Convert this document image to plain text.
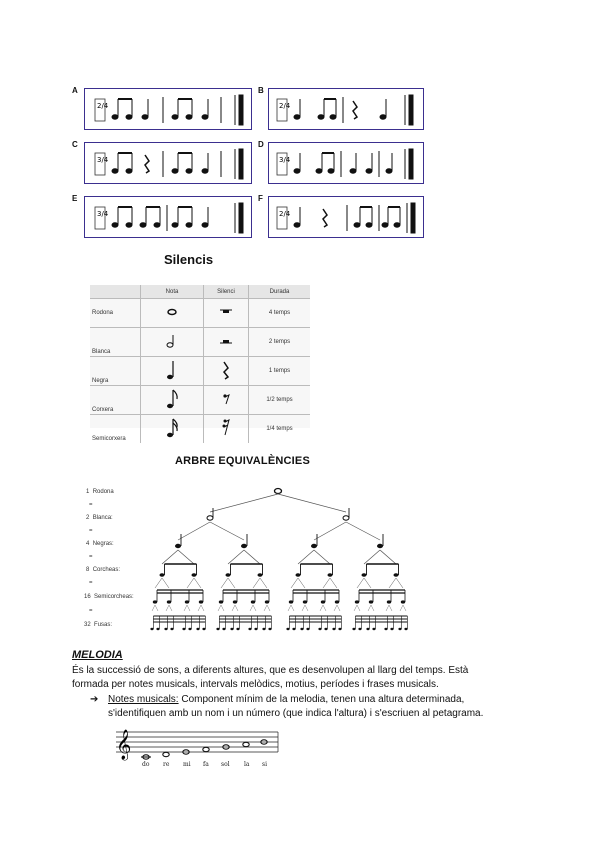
A
2/4
B
2/4
C
3/4
D
3/4
E
3/4
F
2/4
Silencis
	Nota	Silenci	Durada
Rodona			4 temps
Blanca			2 temps
Negra			1 temps
Corxera			1/2 temps
Semicorxera			1/4 temps
ARBRE EQUIVALÈNCIES
1 Rodona
=
2 Blanca:
=
4 Negras:
=
8 Corcheas:
=
16 Semicorcheas:
=
32 Fusas:
MELODIA
És la successió de sons, a diferents altures, que es desenvolupen al llarg del temps. Està
formada per notes musicals, intervals melòdics, motius, períodes i frases musicals.
➔ Notes musicals: Component mínim de la melodia, tenen una altura determinada,
s'identifiquen amb un nom i un número (que indica l'altura) i s'escriuen al petagrama.
𝄞
do re mi fa sol la si
